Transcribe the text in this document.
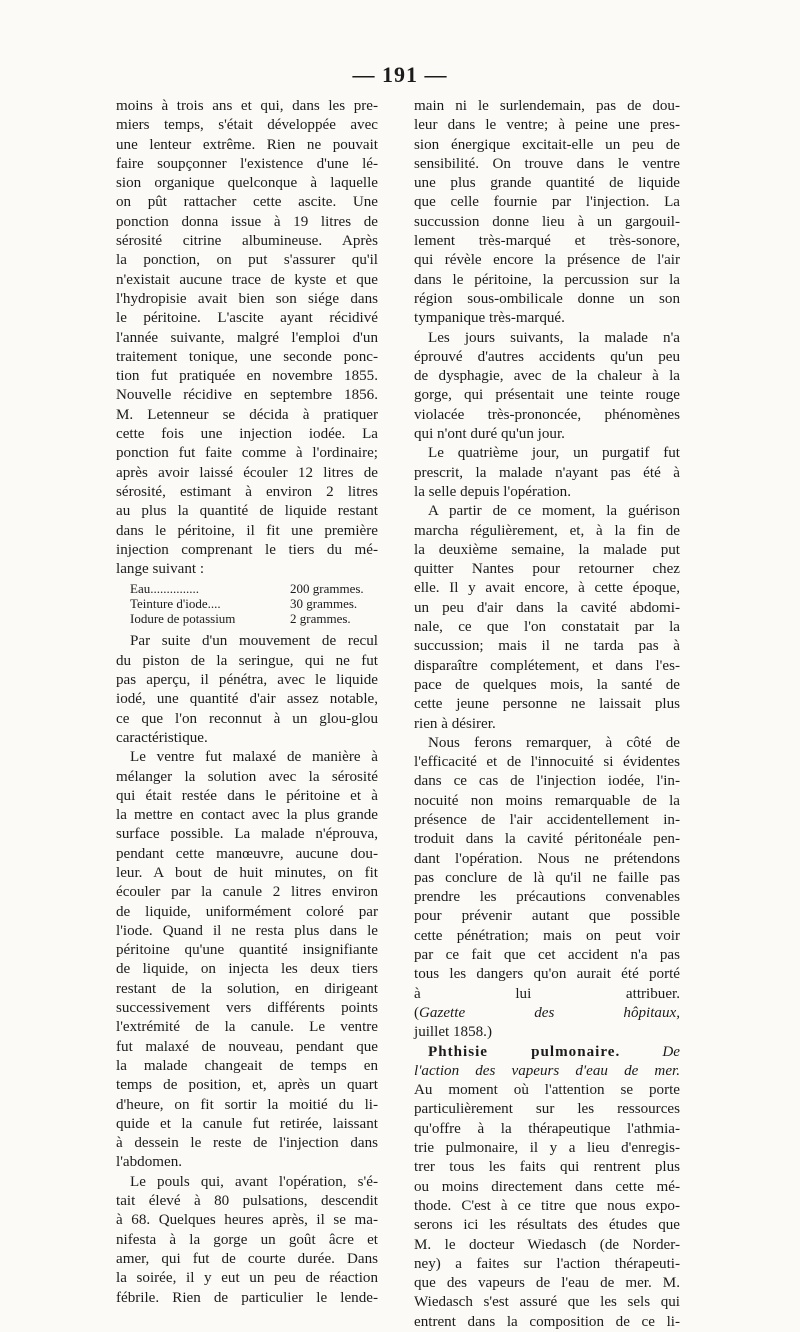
— 191 —
moins à trois ans et qui, dans les pre-
miers temps, s'était développée avec
une lenteur extrême. Rien ne pouvait
faire soupçonner l'existence d'une lé-
sion organique quelconque à laquelle
on pût rattacher cette ascite. Une
ponction donna issue à 19 litres de
sérosité citrine albumineuse. Après
la ponction, on put s'assurer qu'il
n'existait aucune trace de kyste et que
l'hydropisie avait bien son siége dans
le péritoine. L'ascite ayant récidivé
l'année suivante, malgré l'emploi d'un
traitement tonique, une seconde ponc-
tion fut pratiquée en novembre 1855.
Nouvelle récidive en septembre 1856.
M. Letenneur se décida à pratiquer
cette fois une injection iodée. La
ponction fut faite comme à l'ordinaire;
après avoir laissé écouler 12 litres de
sérosité, estimant à environ 2 litres
au plus la quantité de liquide restant
dans le péritoine, il fit une première
injection comprenant le tiers du mé-
lange suivant :
Eau...............	200 grammes.
Teinture d'iode....	30 grammes.
Iodure de potassium	2 grammes.
Par suite d'un mouvement de recul
du piston de la seringue, qui ne fut
pas aperçu, il pénétra, avec le liquide
iodé, une quantité d'air assez notable,
ce que l'on reconnut à un glou-glou
caractéristique.
Le ventre fut malaxé de manière à
mélanger la solution avec la sérosité
qui était restée dans le péritoine et à
la mettre en contact avec la plus grande
surface possible. La malade n'éprouva,
pendant cette manœuvre, aucune dou-
leur. A bout de huit minutes, on fit
écouler par la canule 2 litres environ
de liquide, uniformément coloré par
l'iode. Quand il ne resta plus dans le
péritoine qu'une quantité insignifiante
de liquide, on injecta les deux tiers
restant de la solution, en dirigeant
successivement vers différents points
l'extrémité de la canule. Le ventre
fut malaxé de nouveau, pendant que
la malade changeait de temps en
temps de position, et, après un quart
d'heure, on fit sortir la moitié du li-
quide et la canule fut retirée, laissant
à dessein le reste de l'injection dans
l'abdomen.
Le pouls qui, avant l'opération, s'é-
tait élevé à 80 pulsations, descendit
à 68. Quelques heures après, il se ma-
nifesta à la gorge un goût âcre et
amer, qui fut de courte durée. Dans
la soirée, il y eut un peu de réaction
fébrile. Rien de particulier le lende-
main ni le surlendemain, pas de dou-
leur dans le ventre; à peine une pres-
sion énergique excitait-elle un peu de
sensibilité. On trouve dans le ventre
une plus grande quantité de liquide
que celle fournie par l'injection. La
succussion donne lieu à un gargouil-
lement très-marqué et très-sonore,
qui révèle encore la présence de l'air
dans le péritoine, la percussion sur la
région sous-ombilicale donne un son
tympanique très-marqué.
Les jours suivants, la malade n'a
éprouvé d'autres accidents qu'un peu
de dysphagie, avec de la chaleur à la
gorge, qui présentait une teinte rouge
violacée très-prononcée, phénomènes
qui n'ont duré qu'un jour.
Le quatrième jour, un purgatif fut
prescrit, la malade n'ayant pas été à
la selle depuis l'opération.
A partir de ce moment, la guérison
marcha régulièrement, et, à la fin de
la deuxième semaine, la malade put
quitter Nantes pour retourner chez
elle. Il y avait encore, à cette époque,
un peu d'air dans la cavité abdomi-
nale, ce que l'on constatait par la
succussion; mais il ne tarda pas à
disparaître complétement, et dans l'es-
pace de quelques mois, la santé de
cette jeune personne ne laissait plus
rien à désirer.
Nous ferons remarquer, à côté de
l'efficacité et de l'innocuité si évidentes
dans ce cas de l'injection iodée, l'in-
nocuité non moins remarquable de la
présence de l'air accidentellement in-
troduit dans la cavité péritonéale pen-
dant l'opération. Nous ne prétendons
pas conclure de là qu'il ne faille pas
prendre les précautions convenables
pour prévenir autant que possible
cette pénétration; mais on peut voir
par ce fait que cet accident n'a pas
tous les dangers qu'on aurait été porté
à lui attribuer.
(Gazette des hôpitaux,
juillet 1858.)
Phthisie pulmonaire.	De
l'action des vapeurs d'eau de mer.
Au moment où l'attention se porte
particulièrement sur les ressources
qu'offre à la thérapeutique l'athmia-
trie pulmonaire, il y a lieu d'enregis-
trer tous les faits qui rentrent plus
ou moins directement dans cette mé-
thode. C'est à ce titre que nous expo-
serons ici les résultats des études que
M. le docteur Wiedasch (de Norder-
ney) a faites sur l'action thérapeuti-
que des vapeurs de l'eau de mer. M.
Wiedasch s'est assuré que les sels qui
entrent dans la composition de ce li-
